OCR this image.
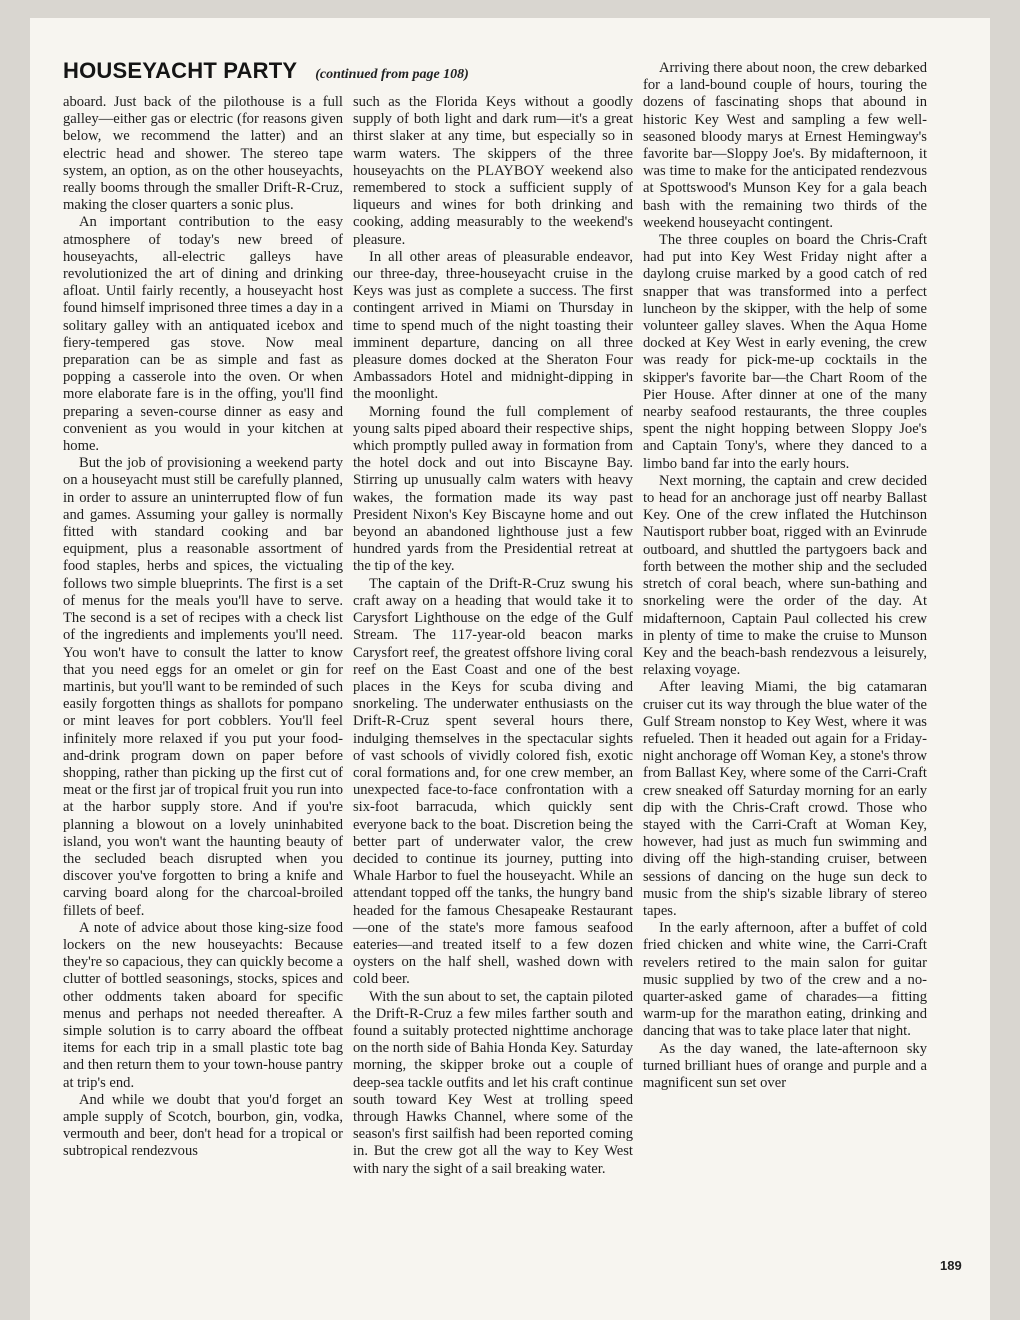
HOUSEYACHT PARTY (continued from page 108)

aboard. Just back of the pilothouse is a full galley—either gas or electric (for reasons given below, we recommend the latter) and an electric head and shower. The stereo tape system, an option, as on the other houseyachts, really booms through the smaller Drift-R-Cruz, making the closer quarters a sonic plus.

An important contribution to the easy atmosphere of today's new breed of houseyachts, all-electric galleys have revolutionized the art of dining and drinking afloat. Until fairly recently, a houseyacht host found himself imprisoned three times a day in a solitary galley with an antiquated icebox and fiery-tempered gas stove. Now meal preparation can be as simple and fast as popping a casserole into the oven. Or when more elaborate fare is in the offing, you'll find preparing a seven-course dinner as easy and convenient as you would in your kitchen at home.

But the job of provisioning a weekend party on a houseyacht must still be carefully planned, in order to assure an uninterrupted flow of fun and games. Assuming your galley is normally fitted with standard cooking and bar equipment, plus a reasonable assortment of food staples, herbs and spices, the victualing follows two simple blueprints. The first is a set of menus for the meals you'll have to serve. The second is a set of recipes with a check list of the ingredients and implements you'll need. You won't have to consult the latter to know that you need eggs for an omelet or gin for martinis, but you'll want to be reminded of such easily forgotten things as shallots for pompano or mint leaves for port cobblers. You'll feel infinitely more relaxed if you put your food-and-drink program down on paper before shopping, rather than picking up the first cut of meat or the first jar of tropical fruit you run into at the harbor supply store. And if you're planning a blowout on a lovely uninhabited island, you won't want the haunting beauty of the secluded beach disrupted when you discover you've forgotten to bring a knife and carving board along for the charcoal-broiled fillets of beef.

A note of advice about those king-size food lockers on the new houseyachts: Because they're so capacious, they can quickly become a clutter of bottled seasonings, stocks, spices and other oddments taken aboard for specific menus and perhaps not needed thereafter. A simple solution is to carry aboard the offbeat items for each trip in a small plastic tote bag and then return them to your town-house pantry at trip's end.

And while we doubt that you'd forget an ample supply of Scotch, bourbon, gin, vodka, vermouth and beer, don't head for a tropical or subtropical rendezvous

such as the Florida Keys without a goodly supply of both light and dark rum—it's a great thirst slaker at any time, but especially so in warm waters. The skippers of the three houseyachts on the PLAYBOY weekend also remembered to stock a sufficient supply of liqueurs and wines for both drinking and cooking, adding measurably to the weekend's pleasure.

In all other areas of pleasurable endeavor, our three-day, three-houseyacht cruise in the Keys was just as complete a success. The first contingent arrived in Miami on Thursday in time to spend much of the night toasting their imminent departure, dancing on all three pleasure domes docked at the Sheraton Four Ambassadors Hotel and midnight-dipping in the moonlight.

Morning found the full complement of young salts piped aboard their respective ships, which promptly pulled away in formation from the hotel dock and out into Biscayne Bay. Stirring up unusually calm waters with heavy wakes, the formation made its way past President Nixon's Key Biscayne home and out beyond an abandoned lighthouse just a few hundred yards from the Presidential retreat at the tip of the key.

The captain of the Drift-R-Cruz swung his craft away on a heading that would take it to Carysfort Lighthouse on the edge of the Gulf Stream. The 117-year-old beacon marks Carysfort reef, the greatest offshore living coral reef on the East Coast and one of the best places in the Keys for scuba diving and snorkeling. The underwater enthusiasts on the Drift-R-Cruz spent several hours there, indulging themselves in the spectacular sights of vast schools of vividly colored fish, exotic coral formations and, for one crew member, an unexpected face-to-face confrontation with a six-foot barracuda, which quickly sent everyone back to the boat. Discretion being the better part of underwater valor, the crew decided to continue its journey, putting into Whale Harbor to fuel the houseyacht. While an attendant topped off the tanks, the hungry band headed for the famous Chesapeake Restaurant—one of the state's more famous seafood eateries—and treated itself to a few dozen oysters on the half shell, washed down with cold beer.

With the sun about to set, the captain piloted the Drift-R-Cruz a few miles farther south and found a suitably protected nighttime anchorage on the north side of Bahia Honda Key. Saturday morning, the skipper broke out a couple of deep-sea tackle outfits and let his craft continue south toward Key West at trolling speed through Hawks Channel, where some of the season's first sailfish had been reported coming in. But the crew got all the way to Key West with nary the sight of a sail breaking water.

Arriving there about noon, the crew debarked for a land-bound couple of hours, touring the dozens of fascinating shops that abound in historic Key West and sampling a few well-seasoned bloody marys at Ernest Hemingway's favorite bar—Sloppy Joe's. By midafternoon, it was time to make for the anticipated rendezvous at Spottswood's Munson Key for a gala beach bash with the remaining two thirds of the weekend houseyacht contingent.

The three couples on board the Chris-Craft had put into Key West Friday night after a daylong cruise marked by a good catch of red snapper that was transformed into a perfect luncheon by the skipper, with the help of some volunteer galley slaves. When the Aqua Home docked at Key West in early evening, the crew was ready for pick-me-up cocktails in the skipper's favorite bar—the Chart Room of the Pier House. After dinner at one of the many nearby seafood restaurants, the three couples spent the night hopping between Sloppy Joe's and Captain Tony's, where they danced to a limbo band far into the early hours.

Next morning, the captain and crew decided to head for an anchorage just off nearby Ballast Key. One of the crew inflated the Hutchinson Nautisport rubber boat, rigged with an Evinrude outboard, and shuttled the partygoers back and forth between the mother ship and the secluded stretch of coral beach, where sun-bathing and snorkeling were the order of the day. At midafternoon, Captain Paul collected his crew in plenty of time to make the cruise to Munson Key and the beach-bash rendezvous a leisurely, relaxing voyage.

After leaving Miami, the big catamaran cruiser cut its way through the blue water of the Gulf Stream nonstop to Key West, where it was refueled. Then it headed out again for a Friday-night anchorage off Woman Key, a stone's throw from Ballast Key, where some of the Carri-Craft crew sneaked off Saturday morning for an early dip with the Chris-Craft crowd. Those who stayed with the Carri-Craft at Woman Key, however, had just as much fun swimming and diving off the high-standing cruiser, between sessions of dancing on the huge sun deck to music from the ship's sizable library of stereo tapes.

In the early afternoon, after a buffet of cold fried chicken and white wine, the Carri-Craft revelers retired to the main salon for guitar music supplied by two of the crew and a no-quarter-asked game of charades—a fitting warm-up for the marathon eating, drinking and dancing that was to take place later that night.

As the day waned, the late-afternoon sky turned brilliant hues of orange and purple and a magnificent sun set over

189
